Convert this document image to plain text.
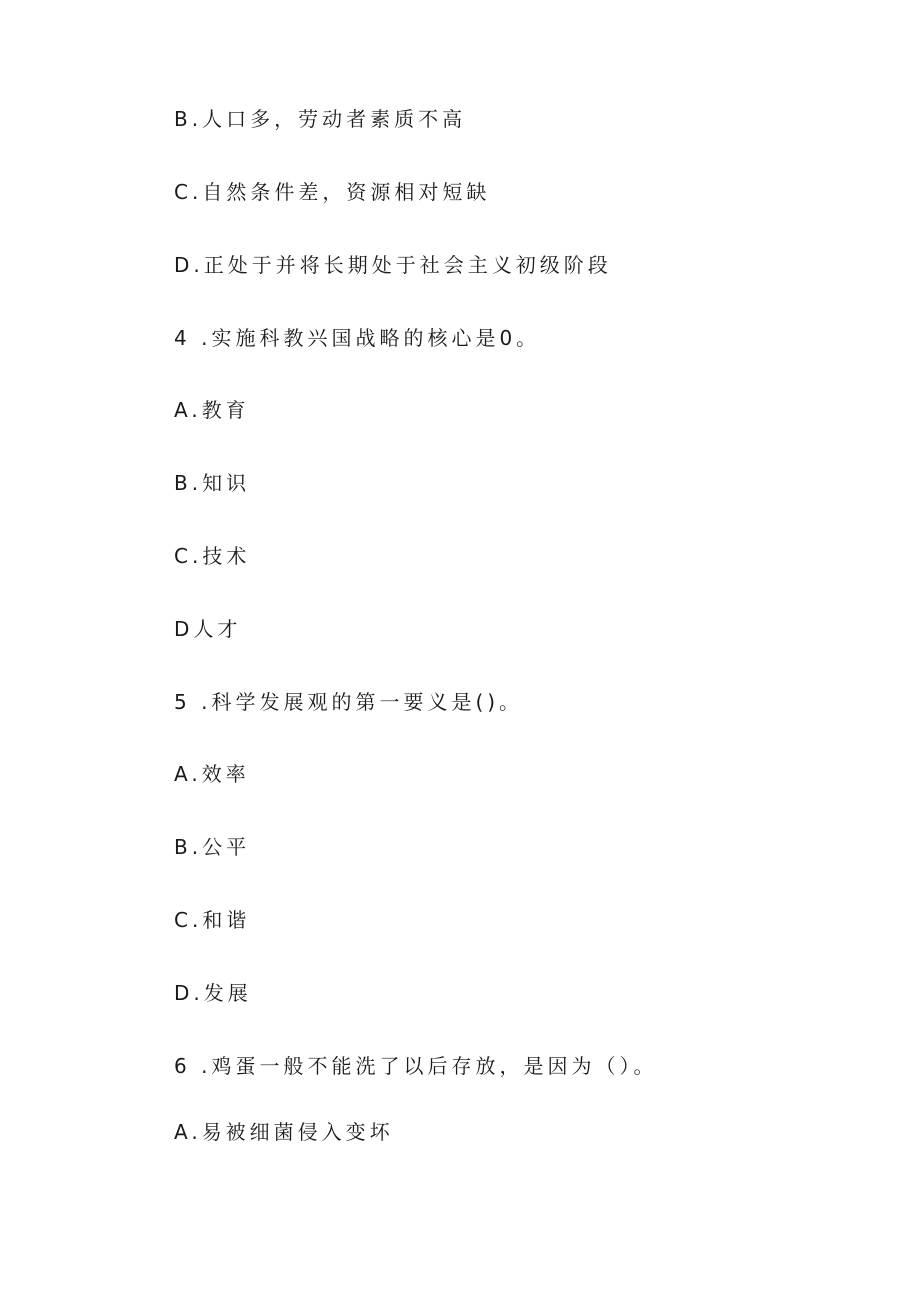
B.人口多，劳动者素质不高
C.自然条件差，资源相对短缺
D.正处于并将长期处于社会主义初级阶段
4 .实施科教兴国战略的核心是0。
A.教育
B.知识
C.技术
D人才
5 .科学发展观的第一要义是()。
A.效率
B.公平
C.和谐
D.发展
6 .鸡蛋一般不能洗了以后存放，是因为（）。
A.易被细菌侵入变坏
